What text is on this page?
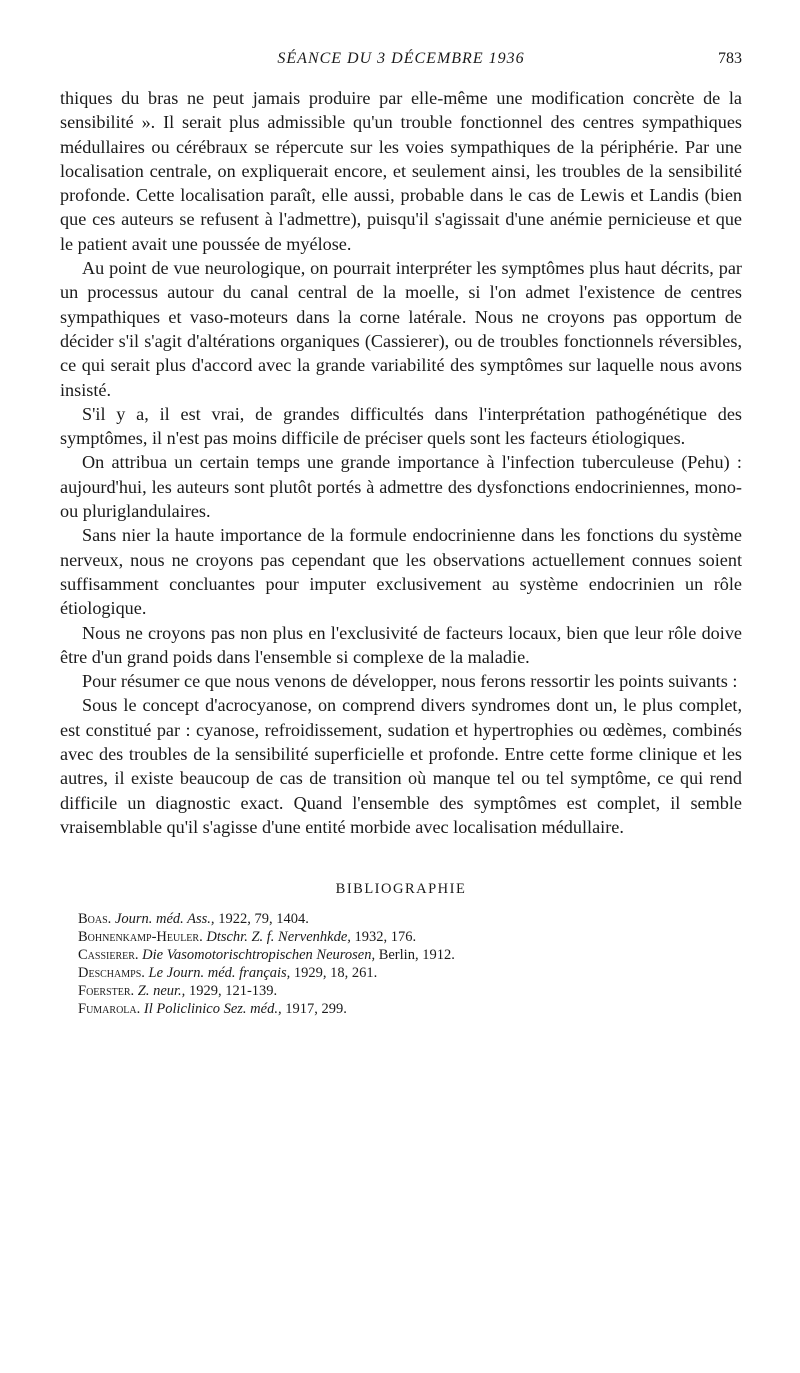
SÉANCE DU 3 DÉCEMBRE 1936	783

thiques du bras ne peut jamais produire par elle-même une modification concrète de la sensibilité ». Il serait plus admissible qu'un trouble fonctionnel des centres sympathiques médullaires ou cérébraux se répercute sur les voies sympathiques de la périphérie. Par une localisation centrale, on expliquerait encore, et seulement ainsi, les troubles de la sensibilité profonde. Cette localisation paraît, elle aussi, probable dans le cas de Lewis et Landis (bien que ces auteurs se refusent à l'admettre), puisqu'il s'agissait d'une anémie pernicieuse et que le patient avait une poussée de myélose.

Au point de vue neurologique, on pourrait interpréter les symptômes plus haut décrits, par un processus autour du canal central de la moelle, si l'on admet l'existence de centres sympathiques et vaso-moteurs dans la corne latérale. Nous ne croyons pas opportum de décider s'il s'agit d'altérations organiques (Cassierer), ou de troubles fonctionnels réversibles, ce qui serait plus d'accord avec la grande variabilité des symptômes sur laquelle nous avons insisté.

S'il y a, il est vrai, de grandes difficultés dans l'interprétation pathogénétique des symptômes, il n'est pas moins difficile de préciser quels sont les facteurs étiologiques.

On attribua un certain temps une grande importance à l'infection tuberculeuse (Pehu) : aujourd'hui, les auteurs sont plutôt portés à admettre des dysfonctions endocriniennes, mono- ou pluriglandulaires.

Sans nier la haute importance de la formule endocrinienne dans les fonctions du système nerveux, nous ne croyons pas cependant que les observations actuellement connues soient suffisamment concluantes pour imputer exclusivement au système endocrinien un rôle étiologique.

Nous ne croyons pas non plus en l'exclusivité de facteurs locaux, bien que leur rôle doive être d'un grand poids dans l'ensemble si complexe de la maladie.

Pour résumer ce que nous venons de développer, nous ferons ressortir les points suivants :

Sous le concept d'acrocyanose, on comprend divers syndromes dont un, le plus complet, est constitué par : cyanose, refroidissement, sudation et hypertrophies ou œdèmes, combinés avec des troubles de la sensibilité superficielle et profonde. Entre cette forme clinique et les autres, il existe beaucoup de cas de transition où manque tel ou tel symptôme, ce qui rend difficile un diagnostic exact. Quand l'ensemble des symptômes est complet, il semble vraisemblable qu'il s'agisse d'une entité morbide avec localisation médullaire.

BIBLIOGRAPHIE
Boas. Journ. méd. Ass., 1922, 79, 1404.
Bohnenkamp-Heuler. Dtschr. Z. f. Nervenhkde, 1932, 176.
Cassierer. Die Vasomotorischtropischen Neurosen, Berlin, 1912.
Deschamps. Le Journ. méd. français, 1929, 18, 261.
Foerster. Z. neur., 1929, 121-139.
Fumarola. Il Policlinico Sez. méd., 1917, 299.
